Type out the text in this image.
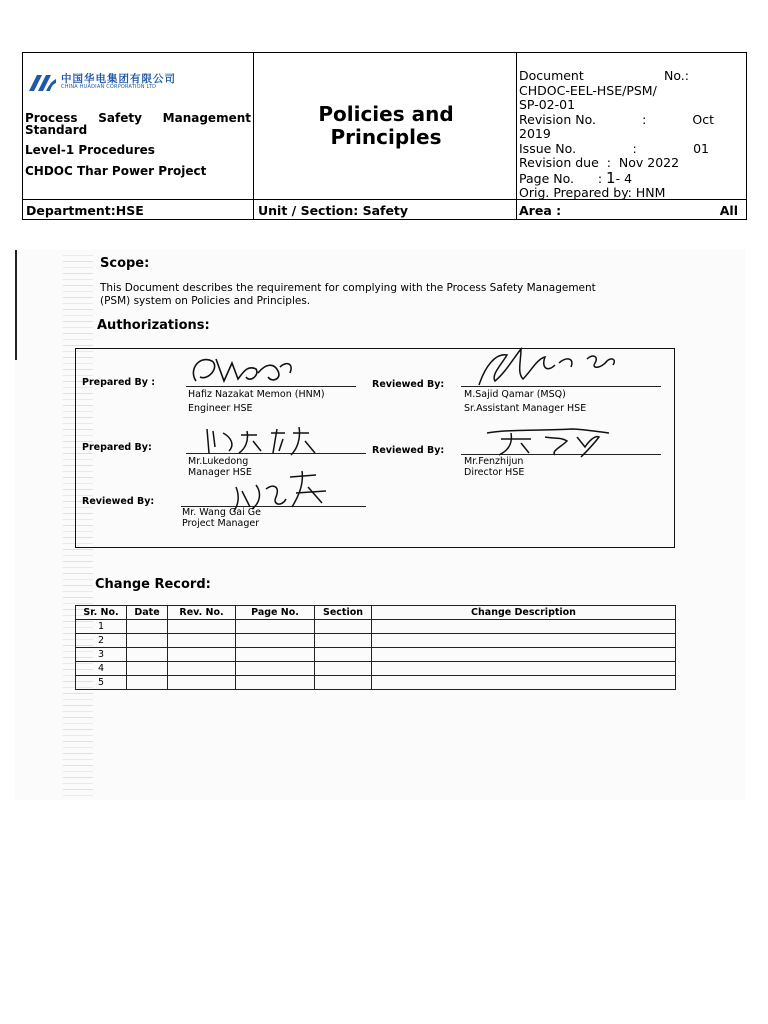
中国华电集团有限公司
CHINA HUADIAN CORPORATION LTD
Process Safety Management
Standard
Level-1 Procedures
CHDOC Thar Power Project
Policies and
Principles
Document	No.:
CHDOC-EEL-HSE/PSM/
SP-02-01
Revision No.	:	Oct
2019
Issue No.	:	01
Revision due : Nov 2022
Page No. : 1- 4
Orig. Prepared by: HNM
Department:HSE	Unit / Section: Safety	Area :	All
Scope:
This Document describes the requirement for complying with the Process Safety Management
(PSM) system on Policies and Principles.
Authorizations:
Prepared By :
Hafiz Nazakat Memon (HNM)
Engineer HSE
Reviewed By:
M.Sajid Qamar (MSQ)
Sr.Assistant Manager HSE
Prepared By:
Mr.Lukedong
Manager HSE
Reviewed By:
Mr.Fenzhijun
Director HSE
Reviewed By:
Mr. Wang Gai Ge
Project Manager
Change Record:
Sr. No.	Date	Rev. No.	Page No.	Section	Change Description
1					
2					
3					
4					
5					
